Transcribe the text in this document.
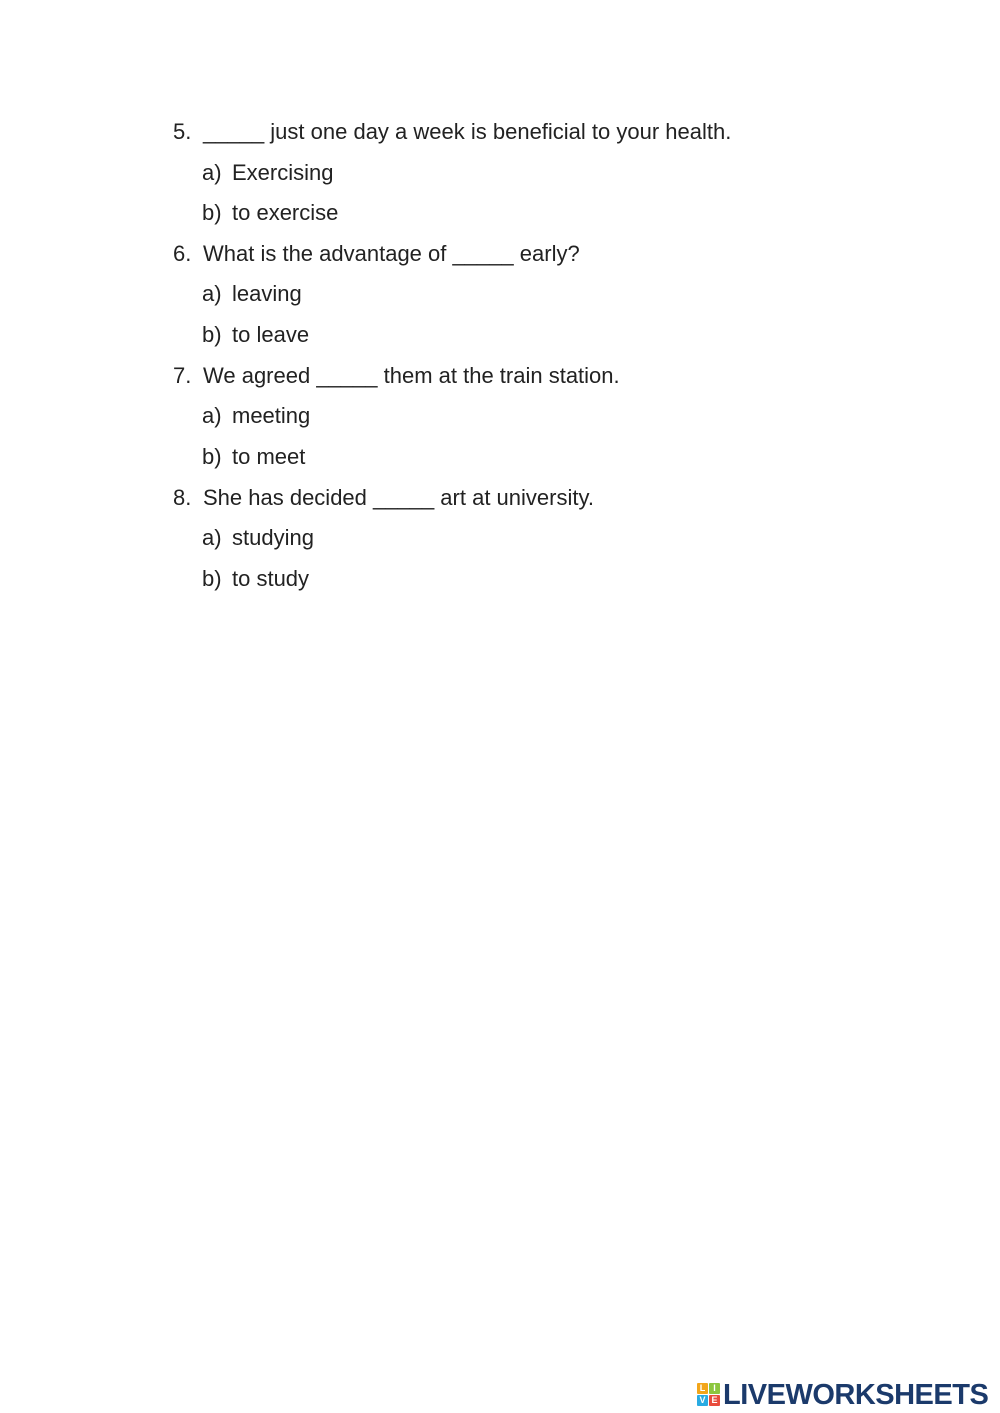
5. _____ just one day a week is beneficial to your health.
a) Exercising
b) to exercise
6. What is the advantage of _____ early?
a) leaving
b) to leave
7. We agreed _____ them at the train station.
a) meeting
b) to meet
8. She has decided _____ art at university.
a) studying
b) to study
L I
V E LIVEWORKSHEETS
